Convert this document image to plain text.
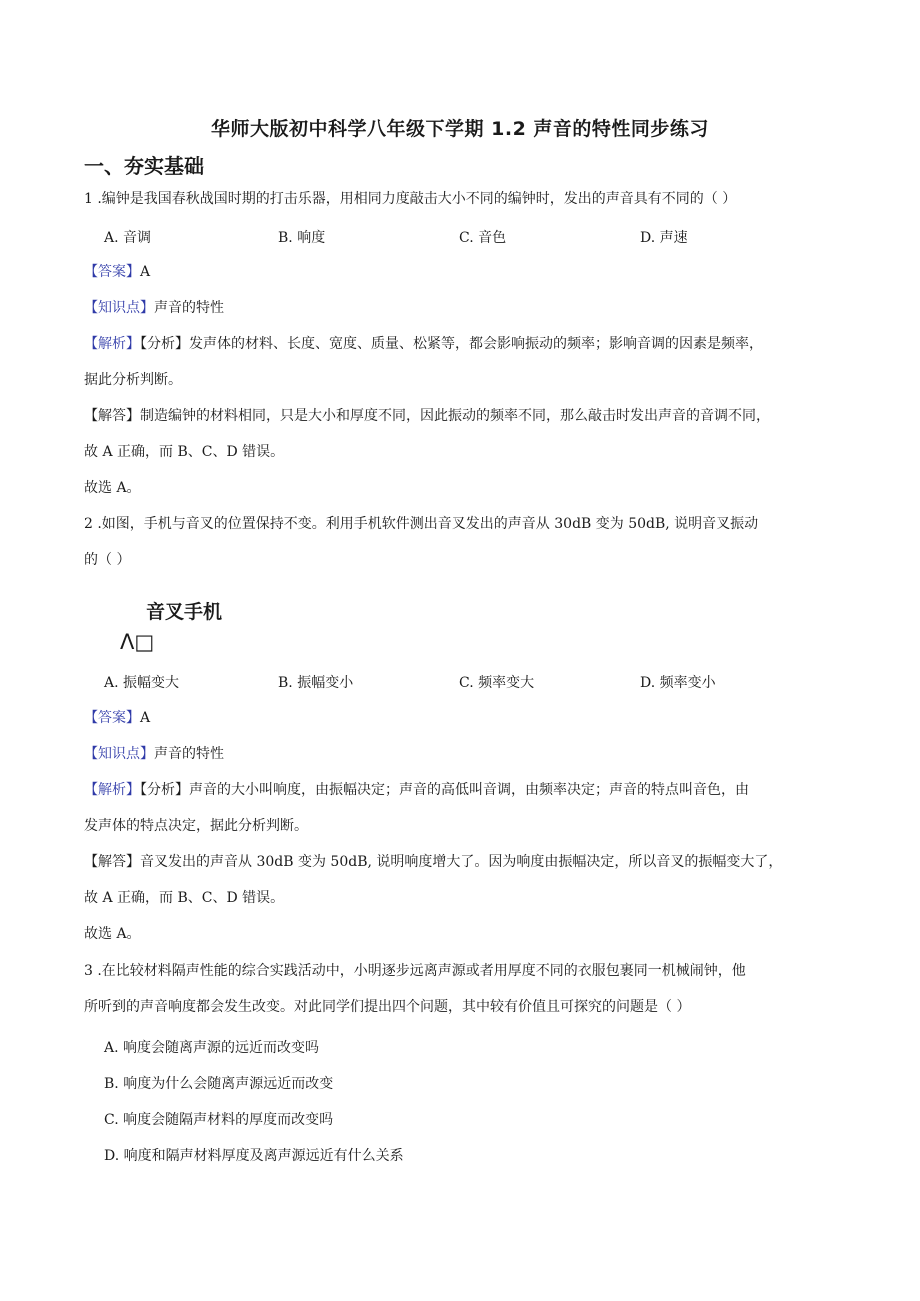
华师大版初中科学八年级下学期 1.2 声音的特性同步练习
一、夯实基础
1 .编钟是我国春秋战国时期的打击乐器，用相同力度敲击大小不同的编钟时，发出的声音具有不同的（ ）
A. 音调	B. 响度	C. 音色	D. 声速
【答案】A
【知识点】声音的特性
【解析】【分析】发声体的材料、长度、宽度、质量、松紧等，都会影响振动的频率；影响音调的因素是频率，
据此分析判断。
【解答】制造编钟的材料相同，只是大小和厚度不同，因此振动的频率不同，那么敲击时发出声音的音调不同，
故 A 正确，而 B、C、D 错误。
故选 A。
2 .如图，手机与音叉的位置保持不变。利用手机软件测出音叉发出的声音从 30dB 变为 50dB, 说明音叉振动
的（ ）
音叉手机
Λ□
A. 振幅变大	B. 振幅变小	C. 频率变大	D. 频率变小
【答案】A
【知识点】声音的特性
【解析】【分析】声音的大小叫响度，由振幅决定；声音的高低叫音调，由频率决定；声音的特点叫音色，由
发声体的特点决定，据此分析判断。
【解答】音叉发出的声音从 30dB 变为 50dB, 说明响度增大了。因为响度由振幅决定，所以音叉的振幅变大了，
故 A 正确，而 B、C、D 错误。
故选 A。
3 .在比较材料隔声性能的综合实践活动中，小明逐步远离声源或者用厚度不同的衣服包裹同一机械闹钟，他
所听到的声音响度都会发生改变。对此同学们提出四个问题，其中较有价值且可探究的问题是（ ）
A. 响度会随离声源的远近而改变吗
B. 响度为什么会随离声源远近而改变
C. 响度会随隔声材料的厚度而改变吗
D. 响度和隔声材料厚度及离声源远近有什么关系
